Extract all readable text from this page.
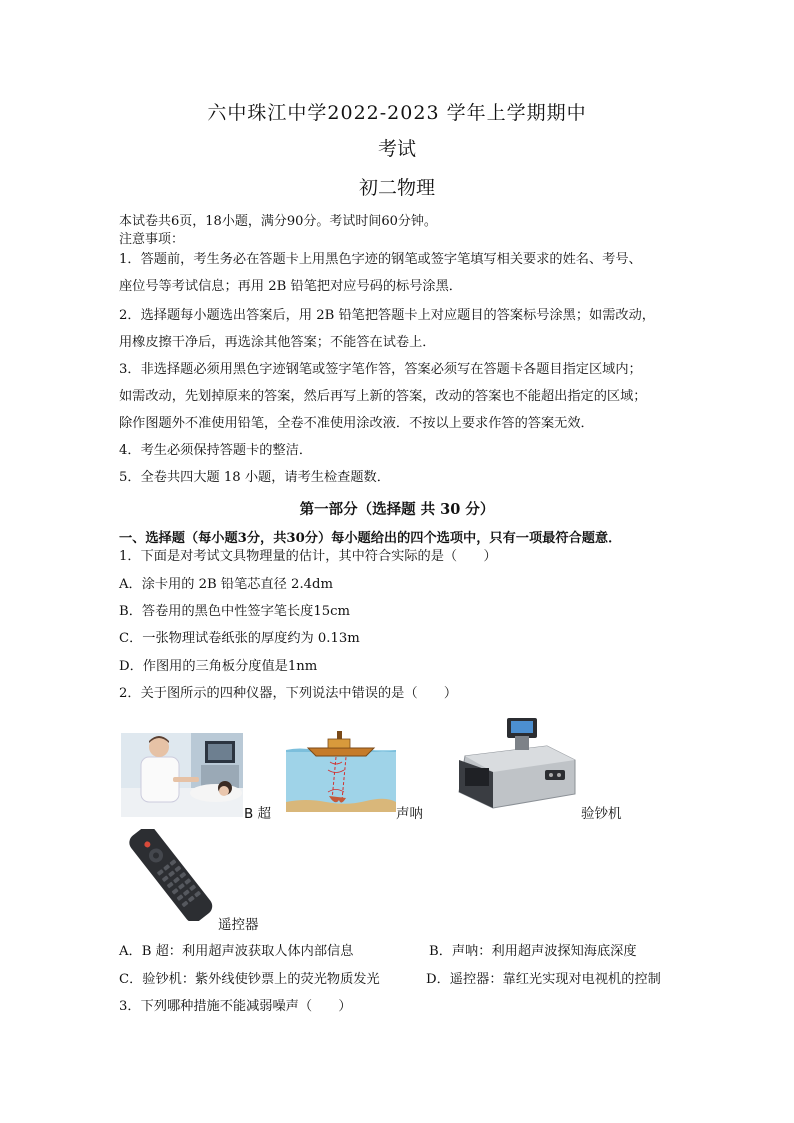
六中珠江中学2022-2023 学年上学期期中
考试
初二物理
本试卷共6页，18小题，满分90分。考试时间60分钟。
注意事项：
1．答题前，考生务必在答题卡上用黑色字迹的钢笔或签字笔填写相关要求的姓名、考号、
座位号等考试信息；再用 2B 铅笔把对应号码的标号涂黑．
2．选择题每小题选出答案后，用 2B 铅笔把答题卡上对应题目的答案标号涂黑；如需改动，
用橡皮擦干净后，再选涂其他答案；不能答在试卷上．
3．非选择题必须用黑色字迹钢笔或签字笔作答，答案必须写在答题卡各题目指定区域内；
如需改动，先划掉原来的答案，然后再写上新的答案，改动的答案也不能超出指定的区域；
除作图题外不准使用铅笔，全卷不准使用涂改液．不按以上要求作答的答案无效．
4．考生必须保持答题卡的整洁．
5．全卷共四大题 18 小题，请考生检查题数．
第一部分（选择题 共 30 分）
一、选择题（每小题3分，共30分）每小题给出的四个选项中，只有一项最符合题意．
1．下面是对考试文具物理量的估计，其中符合实际的是（　　）
A．涂卡用的 2B 铅笔芯直径 2.4dm
B．答卷用的黑色中性签字笔长度15cm
C．一张物理试卷纸张的厚度约为 0.13m
D．作图用的三角板分度值是1nm
2．关于图所示的四种仪器，下列说法中错误的是（　　）
B 超	声呐	验钞机
遥控器
A．B 超：利用超声波获取人体内部信息	B．声呐：利用超声波探知海底深度
C．验钞机：紫外线使钞票上的荧光物质发光	D．遥控器：靠红光实现对电视机的控制
3．下列哪种措施不能减弱噪声（　　）
